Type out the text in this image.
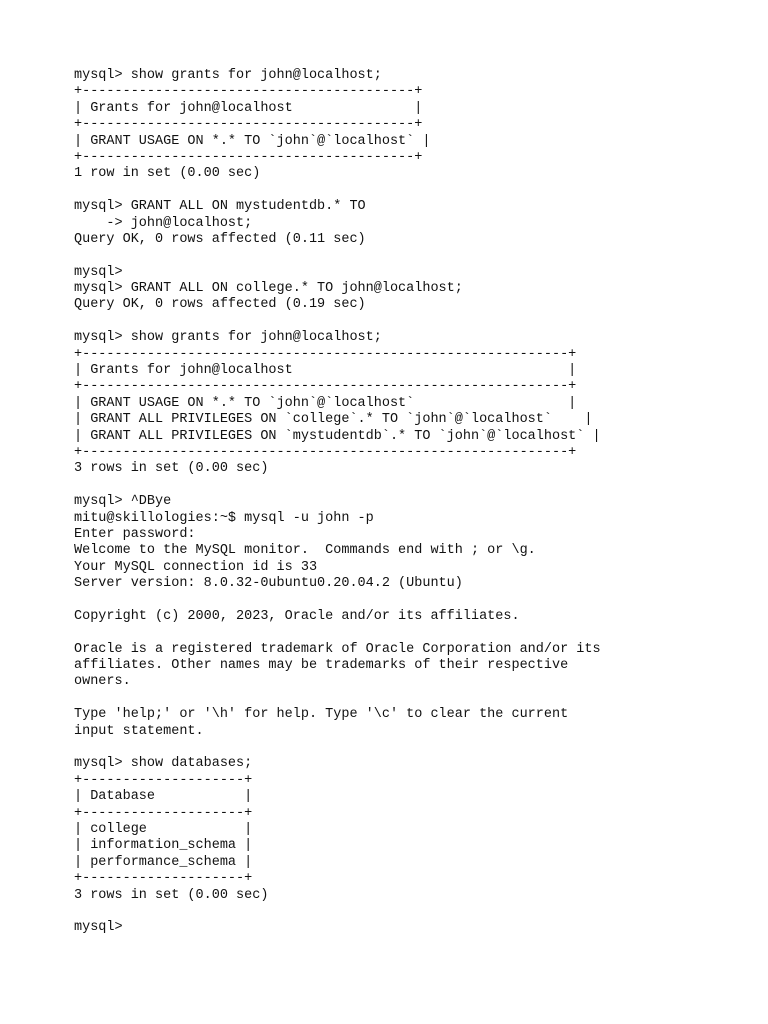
mysql> show grants for john@localhost;
+-----------------------------------------+
| Grants for john@localhost               |
+-----------------------------------------+
| GRANT USAGE ON *.* TO `john`@`localhost` |
+-----------------------------------------+
1 row in set (0.00 sec)
mysql> GRANT ALL ON mystudentdb.* TO
-> john@localhost;
Query OK, 0 rows affected (0.11 sec)
mysql>
mysql> GRANT ALL ON college.* TO john@localhost;
Query OK, 0 rows affected (0.19 sec)
mysql> show grants for john@localhost;
+------------------------------------------------------------+
| Grants for john@localhost                                  |
+------------------------------------------------------------+
| GRANT USAGE ON *.* TO `john`@`localhost`                   |
| GRANT ALL PRIVILEGES ON `college`.* TO `john`@`localhost`    |
| GRANT ALL PRIVILEGES ON `mystudentdb`.* TO `john`@`localhost` |
+------------------------------------------------------------+
3 rows in set (0.00 sec)
mysql> ^DBye
mitu@skillologies:~$ mysql -u john -p
Enter password:
Welcome to the MySQL monitor.  Commands end with ; or \g.
Your MySQL connection id is 33
Server version: 8.0.32-0ubuntu0.20.04.2 (Ubuntu)
Copyright (c) 2000, 2023, Oracle and/or its affiliates.
Oracle is a registered trademark of Oracle Corporation and/or its
affiliates. Other names may be trademarks of their respective
owners.
Type 'help;' or '\h' for help. Type '\c' to clear the current
input statement.
mysql> show databases;
+--------------------+
| Database           |
+--------------------+
| college            |
| information_schema |
| performance_schema |
+--------------------+
3 rows in set (0.00 sec)
mysql>
